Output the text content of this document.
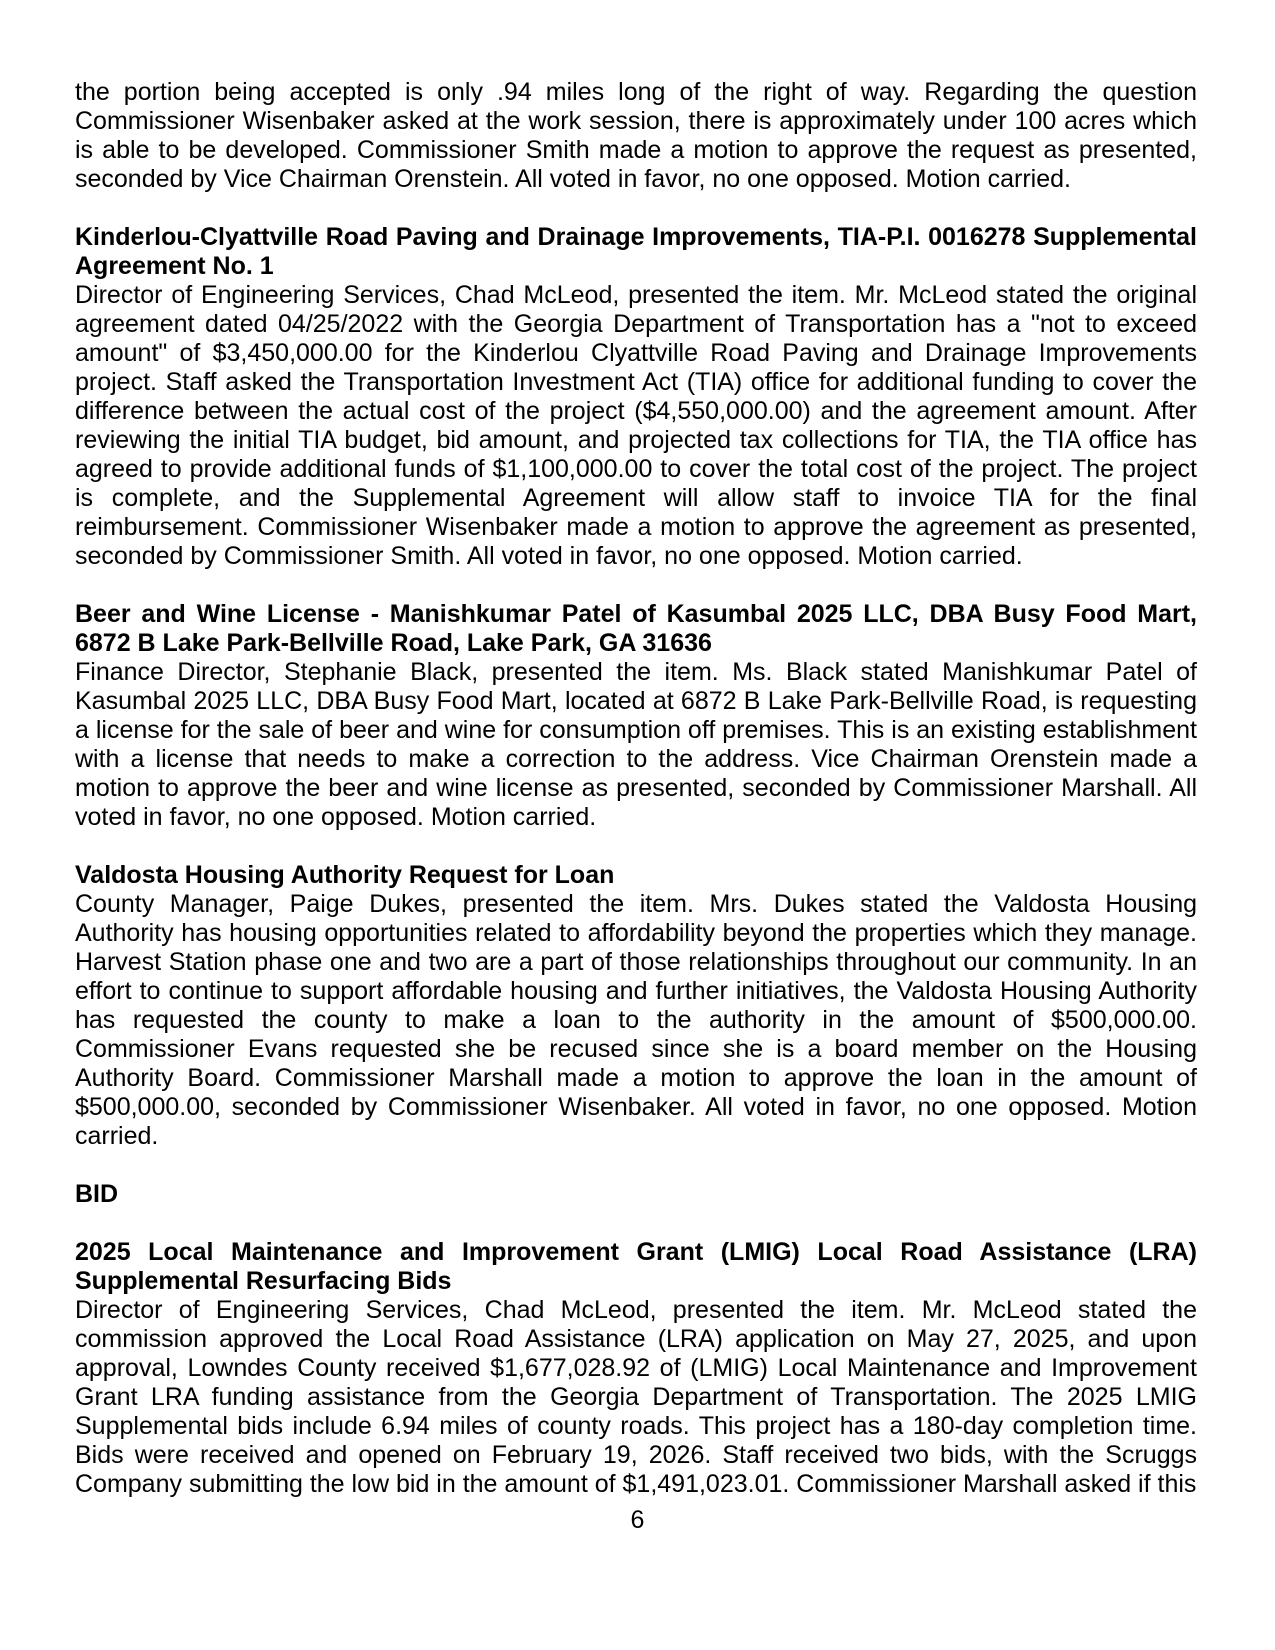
the portion being accepted is only .94 miles long of the right of way. Regarding the question Commissioner Wisenbaker asked at the work session, there is approximately under 100 acres which is able to be developed. Commissioner Smith made a motion to approve the request as presented, seconded by Vice Chairman Orenstein. All voted in favor, no one opposed. Motion carried.

Kinderlou-Clyattville Road Paving and Drainage Improvements, TIA-P.I. 0016278 Supplemental Agreement No. 1

Director of Engineering Services, Chad McLeod, presented the item. Mr. McLeod stated the original agreement dated 04/25/2022 with the Georgia Department of Transportation has a "not to exceed amount" of $3,450,000.00 for the Kinderlou Clyattville Road Paving and Drainage Improvements project. Staff asked the Transportation Investment Act (TIA) office for additional funding to cover the difference between the actual cost of the project ($4,550,000.00) and the agreement amount. After reviewing the initial TIA budget, bid amount, and projected tax collections for TIA, the TIA office has agreed to provide additional funds of $1,100,000.00 to cover the total cost of the project. The project is complete, and the Supplemental Agreement will allow staff to invoice TIA for the final reimbursement. Commissioner Wisenbaker made a motion to approve the agreement as presented, seconded by Commissioner Smith. All voted in favor, no one opposed. Motion carried.

Beer and Wine License - Manishkumar Patel of Kasumbal 2025 LLC, DBA Busy Food Mart, 6872 B Lake Park-Bellville Road, Lake Park, GA 31636

Finance Director, Stephanie Black, presented the item. Ms. Black stated Manishkumar Patel of Kasumbal 2025 LLC, DBA Busy Food Mart, located at 6872 B Lake Park-Bellville Road, is requesting a license for the sale of beer and wine for consumption off premises. This is an existing establishment with a license that needs to make a correction to the address. Vice Chairman Orenstein made a motion to approve the beer and wine license as presented, seconded by Commissioner Marshall. All voted in favor, no one opposed. Motion carried.

Valdosta Housing Authority Request for Loan

County Manager, Paige Dukes, presented the item. Mrs. Dukes stated the Valdosta Housing Authority has housing opportunities related to affordability beyond the properties which they manage. Harvest Station phase one and two are a part of those relationships throughout our community. In an effort to continue to support affordable housing and further initiatives, the Valdosta Housing Authority has requested the county to make a loan to the authority in the amount of $500,000.00. Commissioner Evans requested she be recused since she is a board member on the Housing Authority Board. Commissioner Marshall made a motion to approve the loan in the amount of $500,000.00, seconded by Commissioner Wisenbaker. All voted in favor, no one opposed. Motion carried.

BID
2025 Local Maintenance and Improvement Grant (LMIG) Local Road Assistance (LRA) Supplemental Resurfacing Bids

Director of Engineering Services, Chad McLeod, presented the item. Mr. McLeod stated the commission approved the Local Road Assistance (LRA) application on May 27, 2025, and upon approval, Lowndes County received $1,677,028.92 of (LMIG) Local Maintenance and Improvement Grant LRA funding assistance from the Georgia Department of Transportation. The 2025 LMIG Supplemental bids include 6.94 miles of county roads. This project has a 180-day completion time. Bids were received and opened on February 19, 2026. Staff received two bids, with the Scruggs Company submitting the low bid in the amount of $1,491,023.01. Commissioner Marshall asked if this

6
